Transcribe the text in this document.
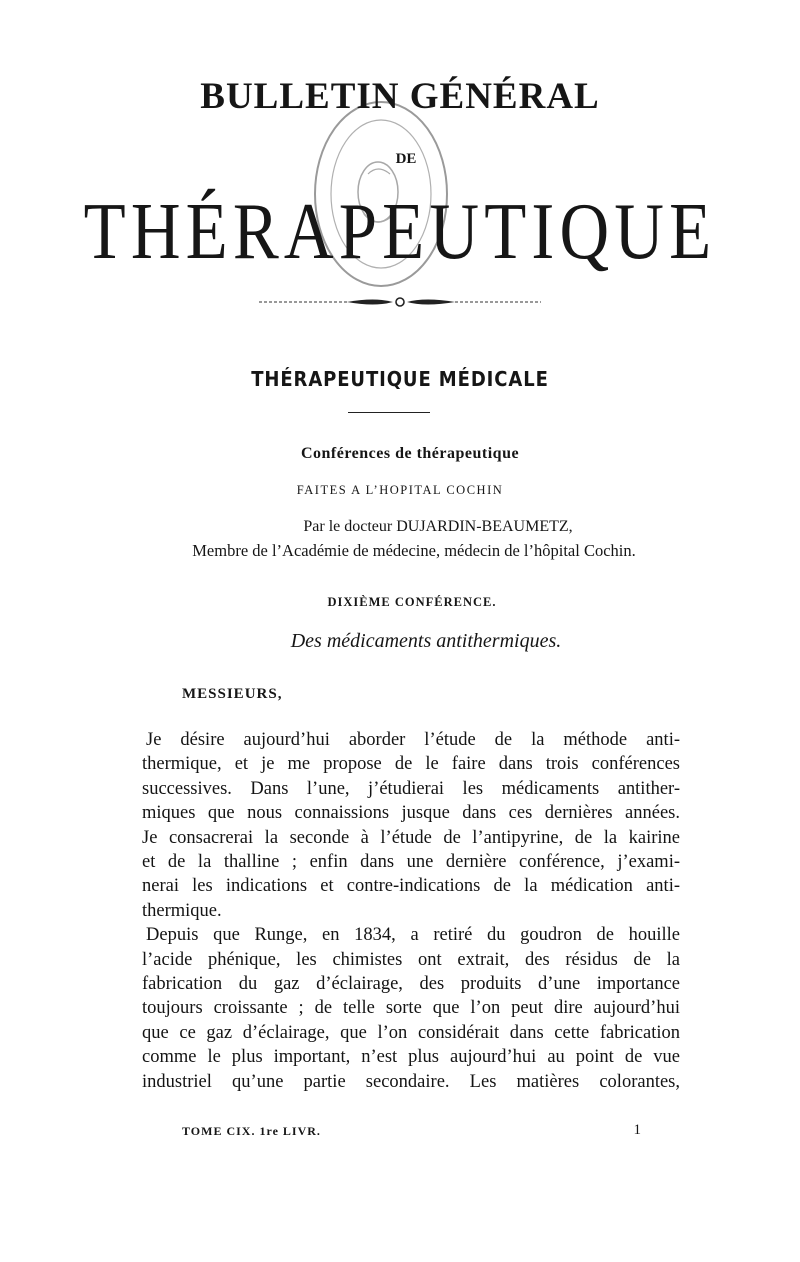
BULLETIN GÉNÉRAL
DE
THÉRAPEUTIQUE
THÉRAPEUTIQUE MÉDICALE
Conférences de thérapeutique
FAITES A L’HOPITAL COCHIN
Par le docteur DUJARDIN-BEAUMETZ,
Membre de l’Académie de médecine, médecin de l’hôpital Cochin.
DIXIÈME CONFÉRENCE.
Des médicaments antithermiques.
MESSIEURS,
Je désire aujourd’hui aborder l’étude de la méthode anti-
thermique, et je me propose de le faire dans trois conférences
successives. Dans l’une, j’étudierai les médicaments antither-
miques que nous connaissions jusque dans ces dernières années.
Je consacrerai la seconde à l’étude de l’antipyrine, de la kairine
et de la thalline ; enfin dans une dernière conférence, j’exami-
nerai les indications et contre-indications de la médication anti-
thermique.
Depuis que Runge, en 1834, a retiré du goudron de houille
l’acide phénique, les chimistes ont extrait, des résidus de la
fabrication du gaz d’éclairage, des produits d’une importance
toujours croissante ; de telle sorte que l’on peut dire aujourd’hui
que ce gaz d’éclairage, que l’on considérait dans cette fabrication
comme le plus important, n’est plus aujourd’hui au point de vue
industriel qu’une partie secondaire. Les matières colorantes,
TOME CIX. 1re LIVR.	1
